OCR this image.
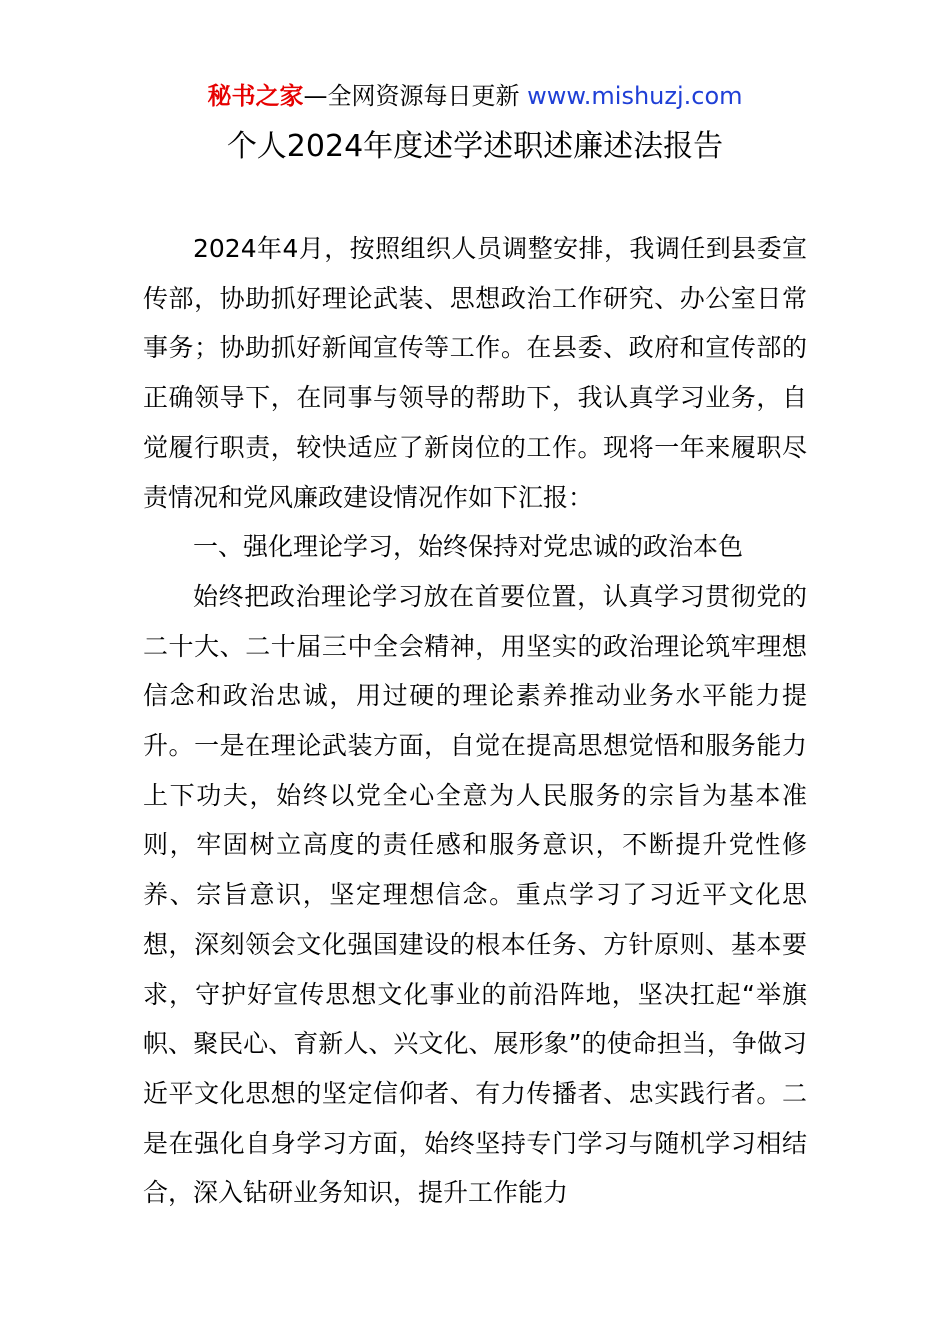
秘书之家—全网资源每日更新 www.mishuzj.com
个人2024年度述学述职述廉述法报告

2024年4月，按照组织人员调整安排，我调任到县委宣传部，协助抓好理论武装、思想政治工作研究、办公室日常事务；协助抓好新闻宣传等工作。在县委、政府和宣传部的正确领导下，在同事与领导的帮助下，我认真学习业务，自觉履行职责，较快适应了新岗位的工作。现将一年来履职尽责情况和党风廉政建设情况作如下汇报：

一、强化理论学习，始终保持对党忠诚的政治本色

始终把政治理论学习放在首要位置，认真学习贯彻党的二十大、二十届三中全会精神，用坚实的政治理论筑牢理想信念和政治忠诚，用过硬的理论素养推动业务水平能力提升。一是在理论武装方面，自觉在提高思想觉悟和服务能力上下功夫，始终以党全心全意为人民服务的宗旨为基本准则，牢固树立高度的责任感和服务意识，不断提升党性修养、宗旨意识，坚定理想信念。重点学习了习近平文化思想，深刻领会文化强国建设的根本任务、方针原则、基本要求，守护好宣传思想文化事业的前沿阵地，坚决扛起“举旗帜、聚民心、育新人、兴文化、展形象”的使命担当，争做习近平文化思想的坚定信仰者、有力传播者、忠实践行者。二是在强化自身学习方面，始终坚持专门学习与随机学习相结合，深入钻研业务知识，提升工作能力
